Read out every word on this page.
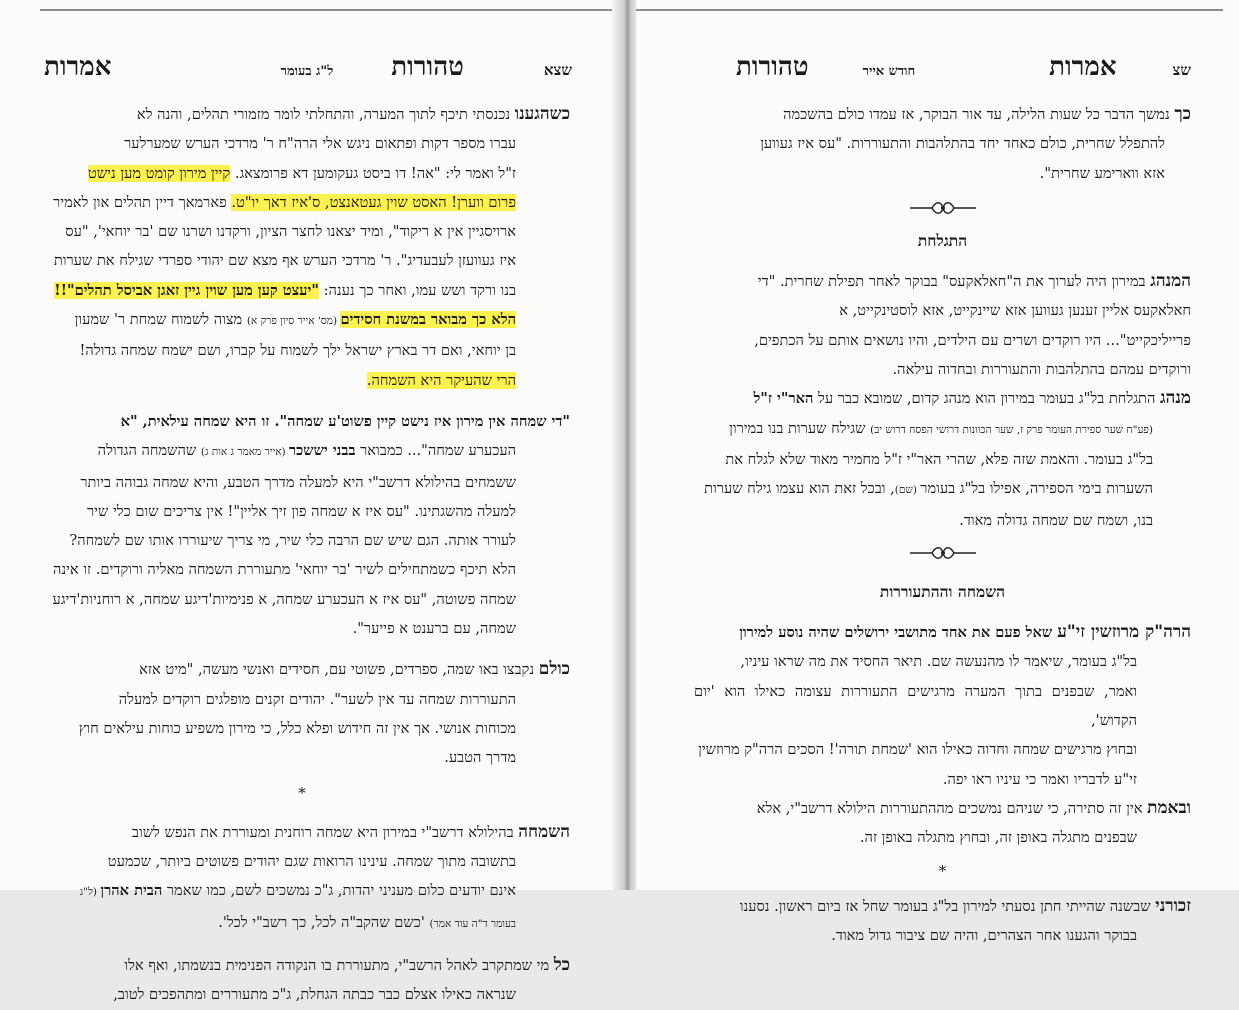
שצא
טהורות
ל"ג בעומר
אמרות
כשהגענו נכנסתי תיכף לתוך המערה, והתחלתי לומר מזמורי תהלים, והנה לא
עברו מספר דקות ופתאום ניגש אלי הרה"ח ר' מרדכי הערש שמערלער
ז"ל ואמר לי: "אה! דו ביסט געקומען דא פרומצאג. קיין מירון קומט מען נישט
פרום ווערן! האסט שוין געטאנצט, ס'איז דאך יו"ט. פארמאך דיין תהלים און לאמיר
ארויסגיין אין א ריקוד", ומיד יצאנו לחצר הציון, ורקדנו ושרנו שם 'בר יוחאי', "עס
איז געוועזן לעבעדיג". ר' מרדכי הערש אף מצא שם יהודי ספרדי שגילח את שערות
בנו ורקד ושש עמו, ואחר כך נענה: "יעצט קען מען שוין גיין זאגן אביסל תהלים"!!
הלא כך מבואר במשנת חסידים (מס' אייר סיון פרק א) מצוה לשמוח שמחת ר' שמעון
בן יוחאי, ואם דר בארץ ישראל ילך לשמוח על קברו, ושם ישמח שמחה גדולה!
הרי שהעיקר היא השמחה.
"די שמחה אין מירון איז נישט קיין פשוט'ע שמחה". זו היא שמחה עילאית, "א
העכערע שמחה"... כמבואר בבני יששכר (אייר מאמר ג אות ג) שהשמחה הגדולה
ששמחים בהילולא דרשב"י היא למעלה מדרך הטבע, והיא שמחה גבוהה ביותר
למעלה מהשגתינו. "עס איז א שמחה פון זיך אליין"! אין צריכים שום כלי שיר
לעורר אותה. הגם שיש שם הרבה כלי שיר, מי צריך שיעוררו אותו שם לשמחה?
הלא תיכף כשמתחילים לשיר 'בר יוחאי' מתעוררת השמחה מאליה ורוקדים. זו אינה
שמחה פשוטה, "עס איז א העכערע שמחה, א פנימיות'דיגע שמחה, א רוחניות'דיגע
שמחה, עם ברענט א פייער".
כולם נקבצו באו שמה, ספרדים, פשוטי עם, חסידים ואנשי מעשה, "מיט אזא
התעוררות שמחה עד אין לשער". יהודים זקנים מופלגים רוקדים למעלה
מכוחות אנושי. אך אין זה חידוש ופלא כלל, כי מירון משפיע כוחות עילאים חוץ
מדרך הטבע.
*
השמחה בהילולא דרשב"י במירון היא שמחה רוחנית ומעוררת את הנפש לשוב
בתשובה מתוך שמחה. עינינו הרואות שגם יהודים פשוטים ביותר, שכמעט
אינם יודעים כלום מעניני יהדות, ג"כ נמשכים לשם, כמו שאמר הבית אהרן (ל"ג
בעומר ד"ה עוד אמר) 'כשם שהקב"ה לכל, כך רשב"י לכל'.
כל מי שמתקרב לאהל הרשב"י, מתעוררת בו הנקודה הפנימית בנשמתו, ואף אלו
שנראה כאילו אצלם כבר כבתה הגחלת, ג"כ מתעוררים ומתהפכים לטוב,
שצ
אמרות
חודש אייר
טהורות
כך נמשך הדבר כל שעות הלילה, עד אור הבוקר, אז עמדו כולם בהשכמה
להתפלל שחרית, כולם כאחד יחד בהתלהבות והתעוררות. "עס איז געווען
אזא ווארימע שחרית".
התגלחת
המנהג במירון היה לערוך את ה"חאלאקעס" בבוקר לאחר תפילת שחרית. "די
חאלאקעס אליין זענען געווען אזא שיינקייט, אזא לוסטינקייט, א
פרייליכקייט"... היו רוקדים ושרים עם הילדים, והיו נושאים אותם על הכתפים,
ורוקדים עמהם בהתלהבות והתעוררות ובחדוה עילאה.
מנהג התגלחת בל"ג בעומר במירון הוא מנהג קדום, שמובא כבר על האר"י ז"ל
(פע"ח שער ספירת העומר פרק ז, שער הכוונות דרושי הפסח דרוש יב) שגילח שערות בנו במירון
בל"ג בעומר. והאמת שזה פלא, שהרי האר"י ז"ל מחמיר מאוד שלא לגלח את
השערות בימי הספירה, אפילו בל"ג בעומר (שם), ובכל זאת הוא עצמו גילח שערות
בנו, ושמח שם שמחה גדולה מאוד.
השמחה וההתעוררות
הרה"ק מרוזשין זי"ע שאל פעם את אחד מתושבי ירושלים שהיה נוסע למירון
בל"ג בעומר, שיאמר לו מהנעשה שם. תיאר החסיד את מה שראו עיניו,
ואמר, שבפנים בתוך המערה מרגישים התעוררות עצומה כאילו הוא 'יום הקדוש',
ובחוץ מרגישים שמחה וחדוה כאילו הוא 'שמחת תורה'! הסכים הרה"ק מרוזשין
זי"ע לדבריו ואמר כי עיניו ראו יפה.
ובאמת אין זה סתירה, כי שניהם נמשכים מההתעוררות הילולא דרשב"י, אלא
שבפנים מתגלה באופן זה, ובחוץ מתגלה באופן זה.
*
זכורני שבשנה שהייתי חתן נסעתי למירון בל"ג בעומר שחל אז ביום ראשון. נסענו
בבוקר והגענו אחר הצהרים, והיה שם ציבור גדול מאוד.
